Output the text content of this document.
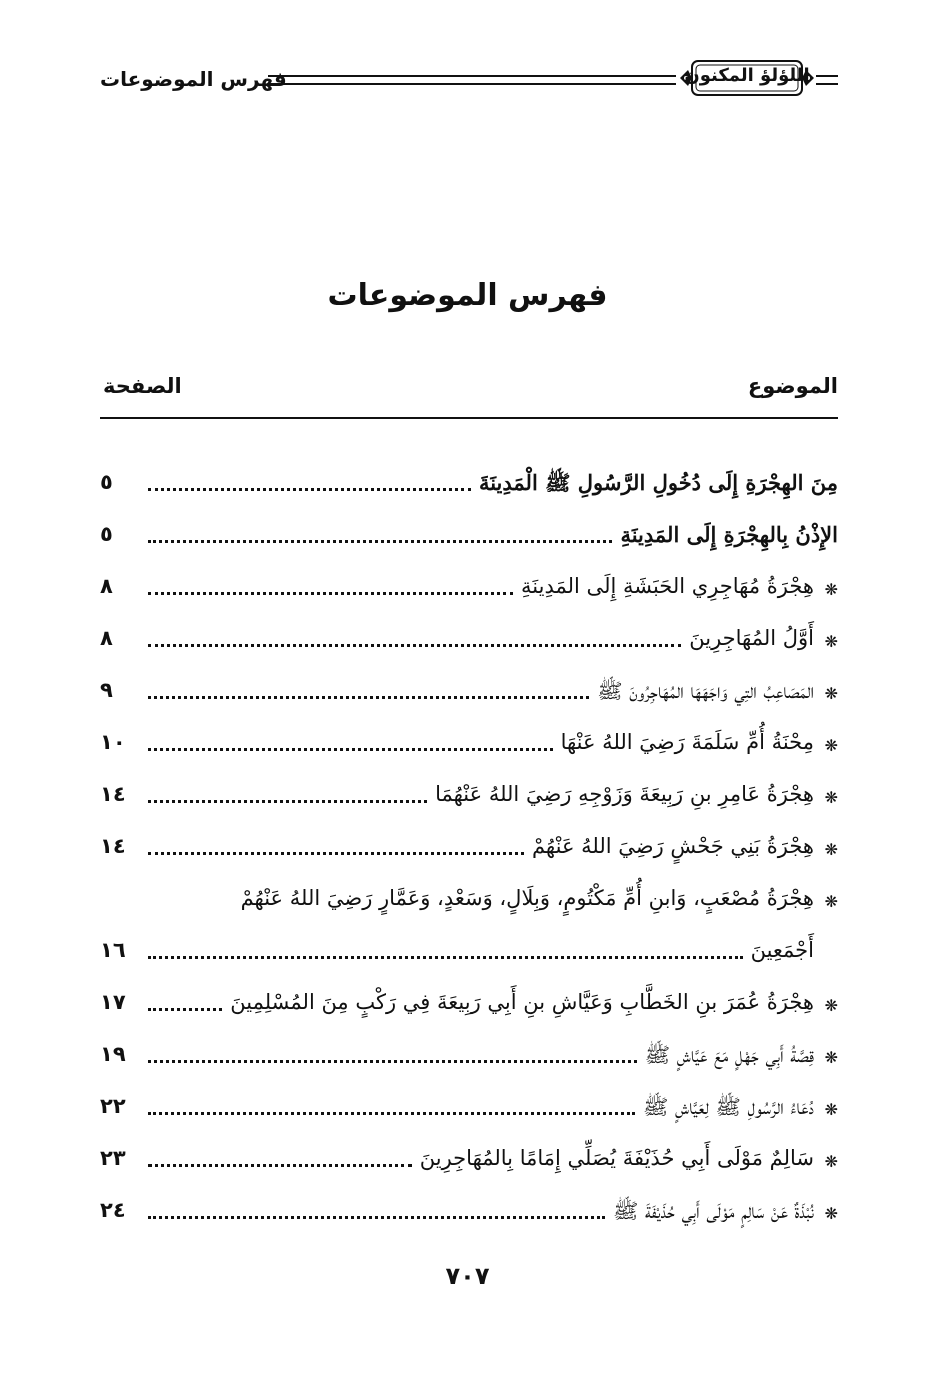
فهرس الموضوعات	اللؤلؤ المكنون
فهرس الموضوعات
الموضوع
الصفحة
مِنَ الهِجْرَةِ إِلَى دُخُولِ الرَّسُولِ ﷺ الْمَدِينَةَ
٥
الإِذْنُ بِالهِجْرَةِ إِلَى المَدِينَةِ
٥
❋
هِجْرَةُ مُهَاجِرِي الحَبَشَةِ إِلَى المَدِينَةِ
٨
❋
أَوَّلُ المُهَاجِرِينَ
٨
❋
المَصَاعِبُ التِي وَاجَهَهَا المُهَاجِرُونَ ﷺ
٩
❋
مِحْنَةُ أُمِّ سَلَمَةَ رَضِيَ اللهُ عَنْهَا
١٠
❋
هِجْرَةُ عَامِرِ بنِ رَبِيعَةَ وَزَوْجِهِ رَضِيَ اللهُ عَنْهُمَا
١٤
❋
هِجْرَةُ بَنِي جَحْشٍ رَضِيَ اللهُ عَنْهُمْ
١٤
❋
هِجْرَةُ مُصْعَبٍ، وَابنِ أُمِّ مَكْتُومٍ، وَبِلَالٍ، وَسَعْدٍ، وَعَمَّارٍ رَضِيَ اللهُ عَنْهُمْ
أَجْمَعِينَ
١٦
❋
هِجْرَةُ عُمَرَ بنِ الخَطَّابِ وَعَيَّاشِ بنِ أَبِي رَبِيعَةَ فِي رَكْبٍ مِنَ المُسْلِمِينَ
١٧
❋
قِصَّةُ أَبِي جَهْلٍ مَعَ عَيَّاشٍ ﷺ
١٩
❋
دُعَاءُ الرَّسُولِ ﷺ لِعَيَّاشٍ ﷺ
٢٢
❋
سَالِمٌ مَوْلَى أَبِي حُذَيْفَةَ يُصَلِّي إِمَامًا بِالمُهَاجِرِينَ
٢٣
❋
نُبْذَةٌ عَنْ سَالِمٍ مَوْلَى أَبِي حُذَيْفَةَ ﷺ
٢٤
٧٠٧
